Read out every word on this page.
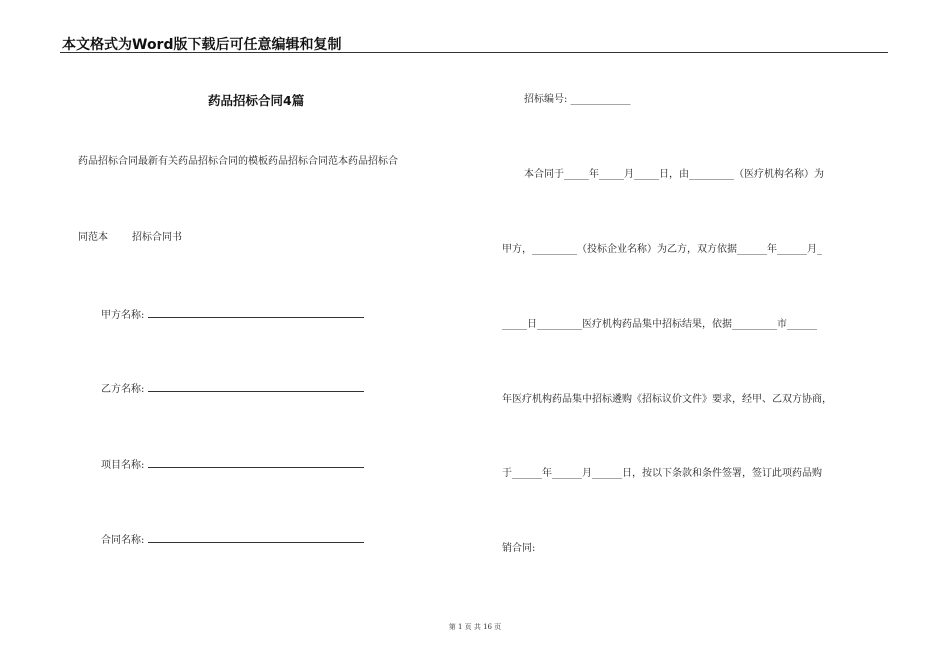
本文格式为Word版下载后可任意编辑和复制
药品招标合同4篇
药品招标合同最新有关药品招标合同的模板药品招标合同范本药品招标合
同范本 招标合同书
甲方名称:
乙方名称:
项目名称:
合同名称:
招标编号: ____________
本合同于_____年_____月_____日，由_________（医疗机构名称）为
甲方，_________（投标企业名称）为乙方，双方依据______年______月_
_____日_________医疗机构药品集中招标结果，依据_________市______
年医疗机构药品集中招标遴购《招标议价文件》要求，经甲、乙双方协商，
于______年______月______日，按以下条款和条件签署，签订此项药品购
销合同:
第 1 页 共 16 页
